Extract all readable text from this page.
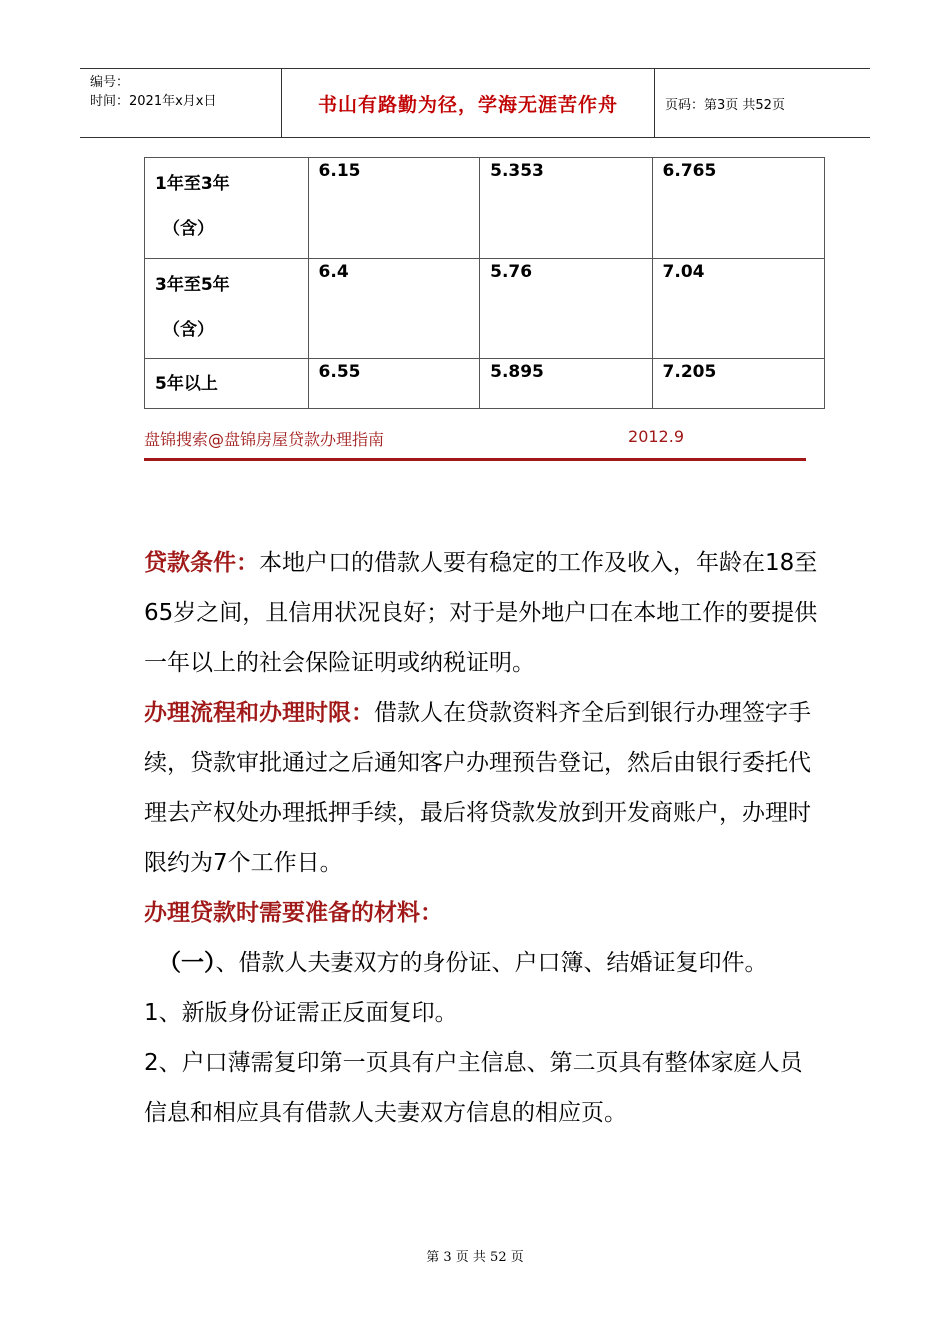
编号：
时间：2021年x月x日	书山有路勤为径，学海无涯苦作舟	页码：第3页 共52页
1年至3年
（含）	6.15	5.353	6.765

3年至5年
（含）	6.4	5.76	7.04

5年以上	6.55	5.895	7.205
盘锦搜索@盘锦房屋贷款办理指南	2012.9

贷款条件：本地户口的借款人要有稳定的工作及收入，年龄在18至65岁之间，且信用状况良好；对于是外地户口在本地工作的要提供一年以上的社会保险证明或纳税证明。

办理流程和办理时限：借款人在贷款资料齐全后到银行办理签字手续，贷款审批通过之后通知客户办理预告登记，然后由银行委托代理去产权处办理抵押手续，最后将贷款发放到开发商账户，办理时限约为7个工作日。

办理贷款时需要准备的材料：

（一）、借款人夫妻双方的身份证、户口簿、结婚证复印件。

1、新版身份证需正反面复印。

2、户口薄需复印第一页具有户主信息、第二页具有整体家庭人员信息和相应具有借款人夫妻双方信息的相应页。

第 3 页 共 52 页
